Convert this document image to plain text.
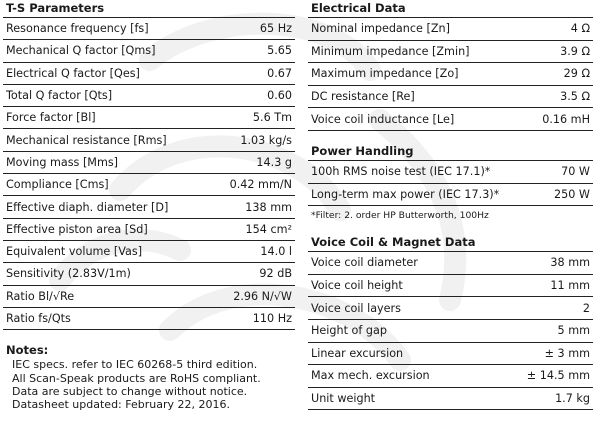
T-S Parameters
Resonance frequency [fs]	65 Hz
Mechanical Q factor [Qms]	5.65
Electrical Q factor [Qes]	0.67
Total Q factor [Qts]	0.60
Force factor [Bl]	5.6 Tm
Mechanical resistance [Rms]	1.03 kg/s
Moving mass [Mms]	14.3 g
Compliance [Cms]	0.42 mm/N
Effective diaph. diameter [D]	138 mm
Effective piston area [Sd]	154 cm²
Equivalent volume [Vas]	14.0 l
Sensitivity (2.83V/1m)	92 dB
Ratio Bl/√Re	2.96 N/√W
Ratio fs/Qts	110 Hz
Notes:
IEC specs. refer to IEC 60268-5 third edition.
All Scan-Speak products are RoHS compliant.
Data are subject to change without notice.
Datasheet updated: February 22, 2016.
Electrical Data
Nominal impedance [Zn]	4 Ω
Minimum impedance [Zmin]	3.9 Ω
Maximum impedance [Zo]	29 Ω
DC resistance [Re]	3.5 Ω
Voice coil inductance [Le]	0.16 mH
Power Handling
100h RMS noise test (IEC 17.1)*	70 W
Long-term max power (IEC 17.3)*	250 W
*Filter: 2. order HP Butterworth, 100Hz
Voice Coil & Magnet Data
Voice coil diameter	38 mm
Voice coil height	11 mm
Voice coil layers	2
Height of gap	5 mm
Linear excursion	± 3 mm
Max mech. excursion	± 14.5 mm
Unit weight	1.7 kg
